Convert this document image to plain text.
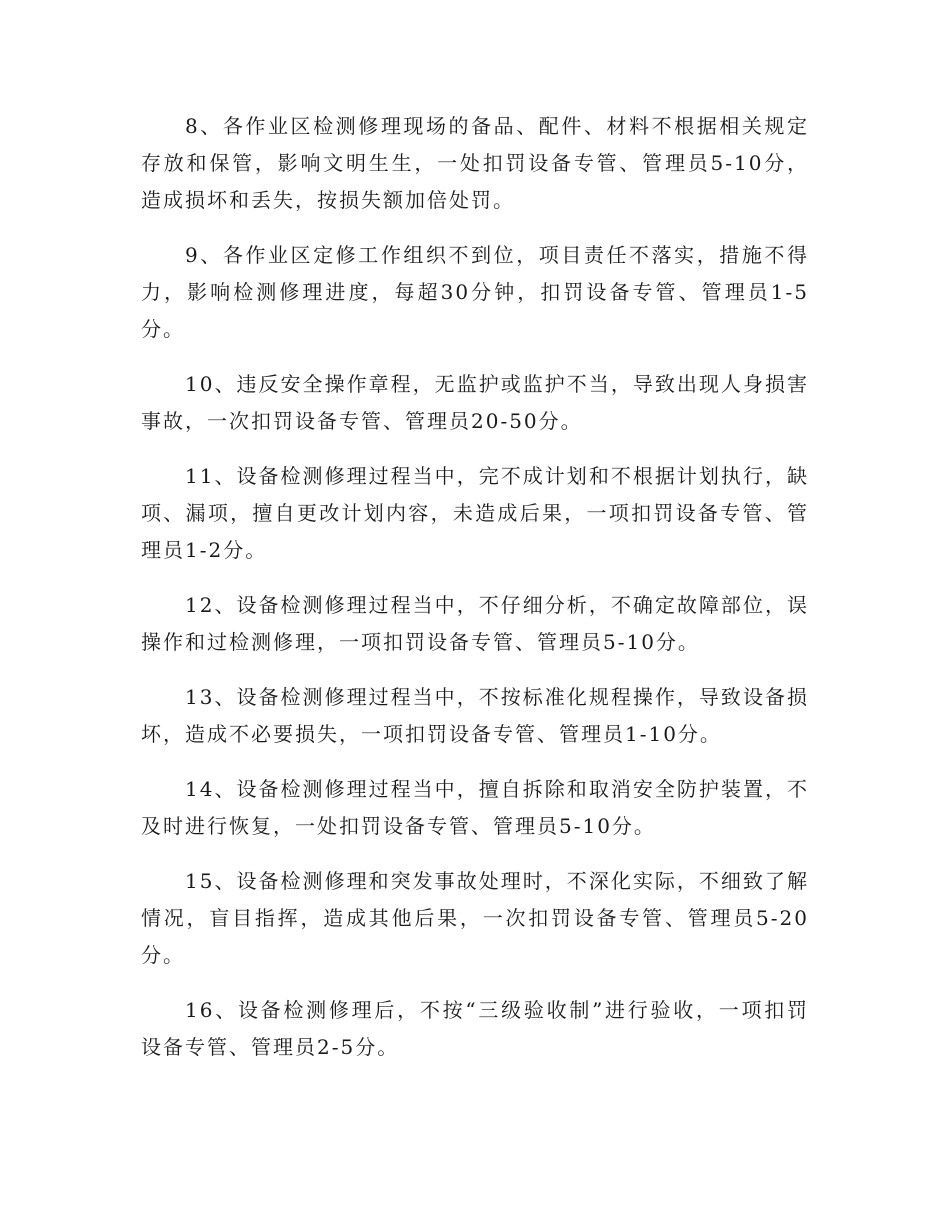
8、各作业区检测修理现场的备品、配件、材料不根据相关规定存放和保管，影响文明生生，一处扣罚设备专管、管理员5-10分，造成损坏和丢失，按损失额加倍处罚。

9、各作业区定修工作组织不到位，项目责任不落实，措施不得力，影响检测修理进度，每超30分钟，扣罚设备专管、管理员1-5分。

10、违反安全操作章程，无监护或监护不当，导致出现人身损害事故，一次扣罚设备专管、管理员20-50分。

11、设备检测修理过程当中，完不成计划和不根据计划执行，缺项、漏项，擅自更改计划内容，未造成后果，一项扣罚设备专管、管理员1-2分。

12、设备检测修理过程当中，不仔细分析，不确定故障部位，误操作和过检测修理，一项扣罚设备专管、管理员5-10分。

13、设备检测修理过程当中，不按标准化规程操作，导致设备损坏，造成不必要损失，一项扣罚设备专管、管理员1-10分。

14、设备检测修理过程当中，擅自拆除和取消安全防护装置，不及时进行恢复，一处扣罚设备专管、管理员5-10分。

15、设备检测修理和突发事故处理时，不深化实际，不细致了解情况，盲目指挥，造成其他后果，一次扣罚设备专管、管理员5-20分。

16、设备检测修理后，不按“三级验收制”进行验收，一项扣罚设备专管、管理员2-5分。
